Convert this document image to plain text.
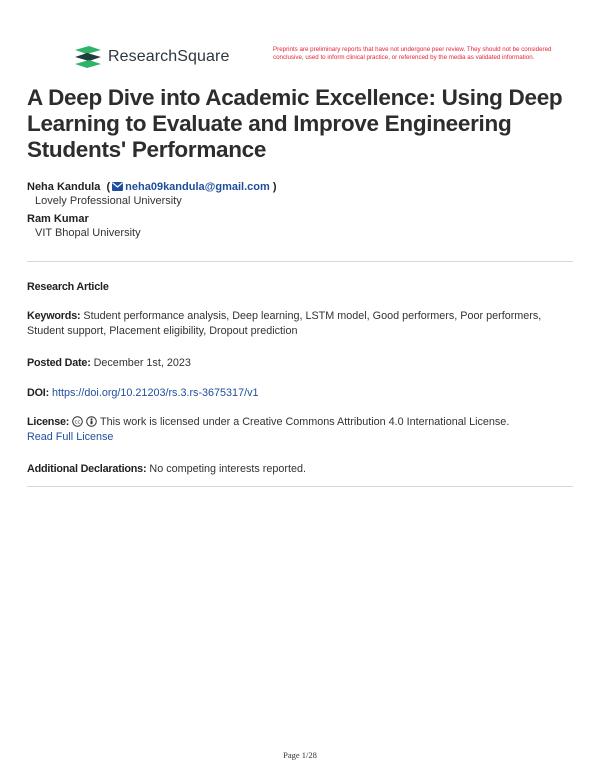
ResearchSquare	Preprints are preliminary reports that have not undergone peer review. They should not be considered conclusive, used to inform clinical practice, or referenced by the media as validated information.
A Deep Dive into Academic Excellence: Using Deep Learning to Evaluate and Improve Engineering Students' Performance
Neha Kandula  ( neha09kandula@gmail.com )
Lovely Professional University
Ram Kumar
VIT Bhopal University
Research Article
Keywords: Student performance analysis, Deep learning, LSTM model, Good performers, Poor performers, Student support, Placement eligibility, Dropout prediction
Posted Date: December 1st, 2023
DOI: https://doi.org/10.21203/rs.3.rs-3675317/v1
License: cc This work is licensed under a Creative Commons Attribution 4.0 International License.
Read Full License
Additional Declarations: No competing interests reported.
Page 1/28
